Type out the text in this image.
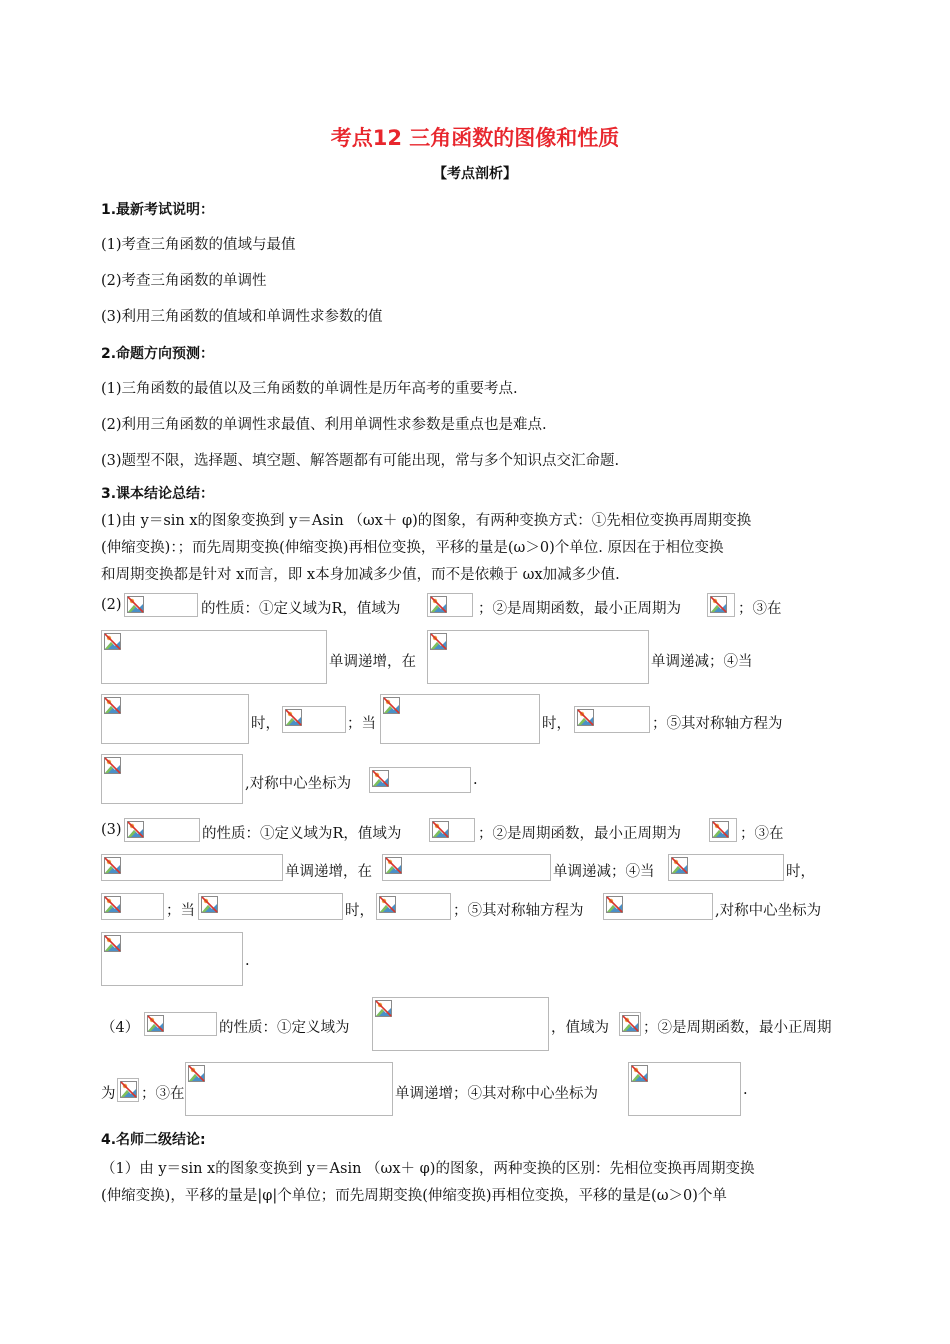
考点12 三角函数的图像和性质
【考点剖析】
1.最新考试说明：
(1)考查三角函数的值域与最值
(2)考查三角函数的单调性
(3)利用三角函数的值域和单调性求参数的值
2.命题方向预测：
(1)三角函数的最值以及三角函数的单调性是历年高考的重要考点.
(2)利用三角函数的单调性求最值、利用单调性求参数是重点也是难点.
(3)题型不限，选择题、填空题、解答题都有可能出现，常与多个知识点交汇命题.
3.课本结论总结：
(1)由 y＝sin x的图象变换到 y＝Asin （ωx＋ φ)的图象，有两种变换方式：①先相位变换再周期变换
(伸缩变换)：；而先周期变换(伸缩变换)再相位变换，平移的量是(ω＞0)个单位. 原因在于相位变换
和周期变换都是针对 x而言，即 x本身加减多少值，而不是依赖于 ωx加减多少值.
(2)	的性质：①定义域为R，值域为	；②是周期函数，最小正周期为	；③在
单调递增，在	单调递减；④当
时，	；当	时，	；⑤其对称轴方程为
,对称中心坐标为	.
(3)	的性质：①定义域为R，值域为	；②是周期函数，最小正周期为	；③在
单调递增，在	单调递减；④当	时，
；当	时，	；⑤其对称轴方程为	,对称中心坐标为
.
（4）	的性质：①定义域为	，值域为 ；②是周期函数，最小正周期
为 ；③在	单调递增；④其对称中心坐标为	.
4.名师二级结论:
（1）由 y＝sin x的图象变换到 y＝Asin （ωx＋ φ)的图象，两种变换的区别：先相位变换再周期变换
(伸缩变换)，平移的量是|φ|个单位；而先周期变换(伸缩变换)再相位变换，平移的量是(ω＞0)个单
